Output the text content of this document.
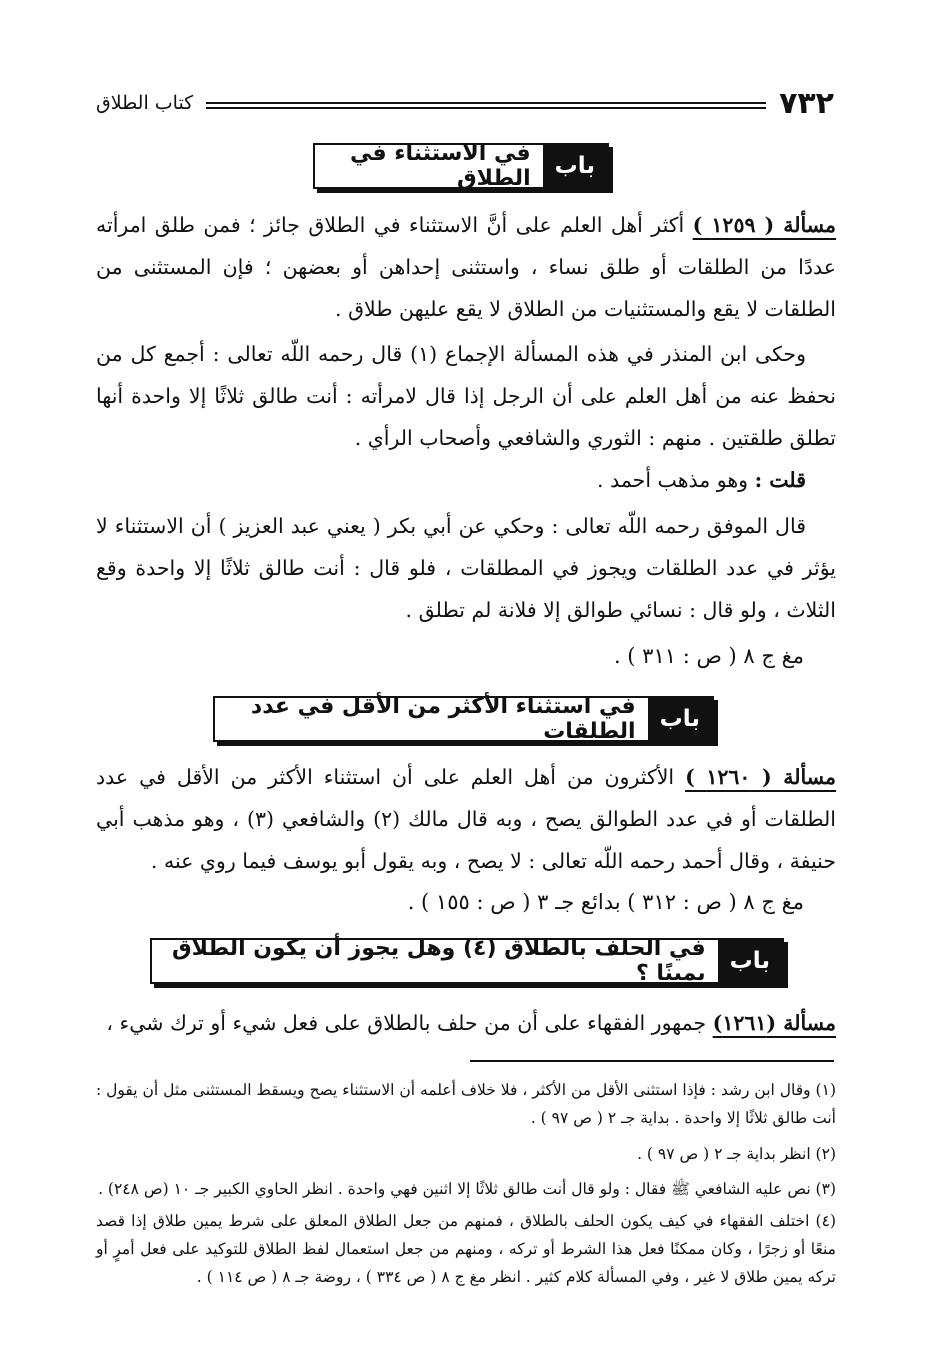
٧٣٢
كتاب الطلاق
باب
في الاستثناء في الطلاق
مسألة ( ١٢٥٩ ) أكثر أهل العلم على أنَّ الاستثناء في الطلاق جائز ؛ فمن طلق امرأته عددًا من الطلقات أو طلق نساء ، واستثنى إحداهن أو بعضهن ؛ فإن المستثنى من الطلقات لا يقع والمستثنيات من الطلاق لا يقع عليهن طلاق .
وحكى ابن المنذر في هذه المسألة الإجماع (١) قال رحمه اللّه تعالى : أجمع كل من نحفظ عنه من أهل العلم على أن الرجل إذا قال لامرأته : أنت طالق ثلاثًا إلا واحدة أنها تطلق طلقتين . منهم : الثوري والشافعي وأصحاب الرأي .
قلت : وهو مذهب أحمد .
قال الموفق رحمه اللّه تعالى : وحكي عن أبي بكر ( يعني عبد العزيز ) أن الاستثناء لا يؤثر في عدد الطلقات ويجوز في المطلقات ، فلو قال : أنت طالق ثلاثًا إلا واحدة وقع الثلاث ، ولو قال : نسائي طوالق إلا فلانة لم تطلق .
مغ ج ٨ ( ص : ٣١١ ) .
باب
في استثناء الأكثر من الأقل في عدد الطلقات
مسألة ( ١٢٦٠ ) الأكثرون من أهل العلم على أن استثناء الأكثر من الأقل في عدد الطلقات أو في عدد الطوالق يصح ، وبه قال مالك (٢) والشافعي (٣) ، وهو مذهب أبي حنيفة ، وقال أحمد رحمه اللّه تعالى : لا يصح ، وبه يقول أبو يوسف فيما روي عنه .
مغ ج ٨ ( ص : ٣١٢ ) بدائع جـ ٣ ( ص : ١٥٥ ) .
باب
في الحلف بالطلاق (٤) وهل يجوز أن يكون الطلاق يمينًا ؟
مسألة (١٢٦١) جمهور الفقهاء على أن من حلف بالطلاق على فعل شيء أو ترك شيء ،
(١) وقال ابن رشد : فإذا استثنى الأقل من الأكثر ، فلا خلاف أعلمه أن الاستثناء يصح ويسقط المستثنى مثل أن يقول : أنت طالق ثلاثًا إلا واحدة . بداية جـ ٢ ( ص ٩٧ ) .
(٢) انظر بداية جـ ٢ ( ص ٩٧ ) .
(٣) نص عليه الشافعي ﷺ فقال : ولو قال أنت طالق ثلاثًا إلا اثنين فهي واحدة . انظر الحاوي الكبير جـ ١٠ (ص ٢٤٨) .
(٤) اختلف الفقهاء في كيف يكون الحلف بالطلاق ، فمنهم من جعل الطلاق المعلق على شرط يمين طلاق إذا قصد منعًا أو زجرًا ، وكان ممكنًا فعل هذا الشرط أو تركه ، ومنهم من جعل استعمال لفظ الطلاق للتوكيد على فعل أمرٍ أو تركه يمين طلاق لا غير ، وفي المسألة كلام كثير . انظر مغ ج ٨ ( ص ٣٣٤ ) ، روضة جـ ٨ ( ص ١١٤ ) .
